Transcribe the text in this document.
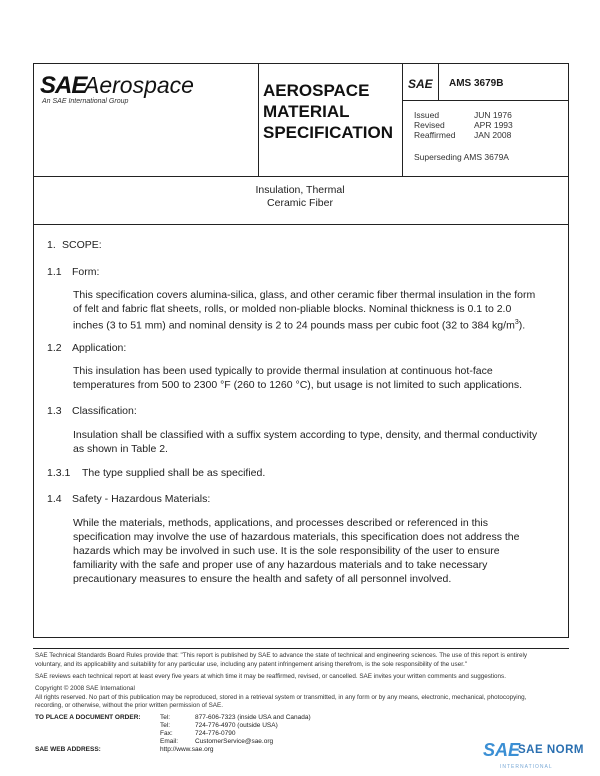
SAE
Aerospace
An SAE International Group
AEROSPACE
MATERIAL
SPECIFICATION
SAE AMS 3679B
Issued	JUN 1976
Revised	APR 1993
Reaffirmed JAN 2008
Superseding AMS 3679A
Insulation, Thermal
Ceramic Fiber
1. SCOPE:
1.1 Form:
This specification covers alumina-silica, glass, and other ceramic fiber thermal insulation in the form
of felt and fabric flat sheets, rolls, or molded non-pliable blocks. Nominal thickness is 0.1 to 2.0
inches (3 to 51 mm) and nominal density is 2 to 24 pounds mass per cubic foot (32 to 384 $kg/m^3$).
1.2 Application:
This insulation has been used typically to provide thermal insulation at continuous hot-face
temperatures from 500 to 2300 °F (260 to 1260 °C), but usage is not limited to such applications.
1.3 Classification:
Insulation shall be classified with a suffix system according to type, density, and thermal conductivity
as shown in Table 2.
1.3.1 The type supplied shall be as specified.
1.4 Safety - Hazardous Materials:
While the materials, methods, applications, and processes described or referenced in this
specification may involve the use of hazardous materials, this specification does not address the
hazards which may be involved in such use. It is the sole responsibility of the user to ensure
familiarity with the safe and proper use of any hazardous materials and to take necessary
precautionary measures to ensure the health and safety of all personnel involved.
SAE Technical Standards Board Rules provide that: "This report is published by SAE to advance the state of technical and engineering sciences. The use of this report is entirely
voluntary, and its applicability and suitability for any particular use, including any patent infringement arising therefrom, is the sole responsibility of the user."
SAE reviews each technical report at least every five years at which time it may be reaffirmed, revised, or cancelled. SAE invites your written comments and suggestions.
Copyright © 2008 SAE International
All rights reserved. No part of this publication may be reproduced, stored in a retrieval system or transmitted, in any form or by any means, electronic, mechanical, photocopying,
recording, or otherwise, without the prior written permission of SAE.
TO PLACE A DOCUMENT ORDER:	Tel:	877-606-7323 (inside USA and Canada)
Tel:	724-776-4970 (outside USA)
Fax:	724-776-0790
Email:	CustomerService@sae.org
SAE WEB ADDRESS:	http://www.sae.org	SAE
SAE NORM
INTERNATIONAL
